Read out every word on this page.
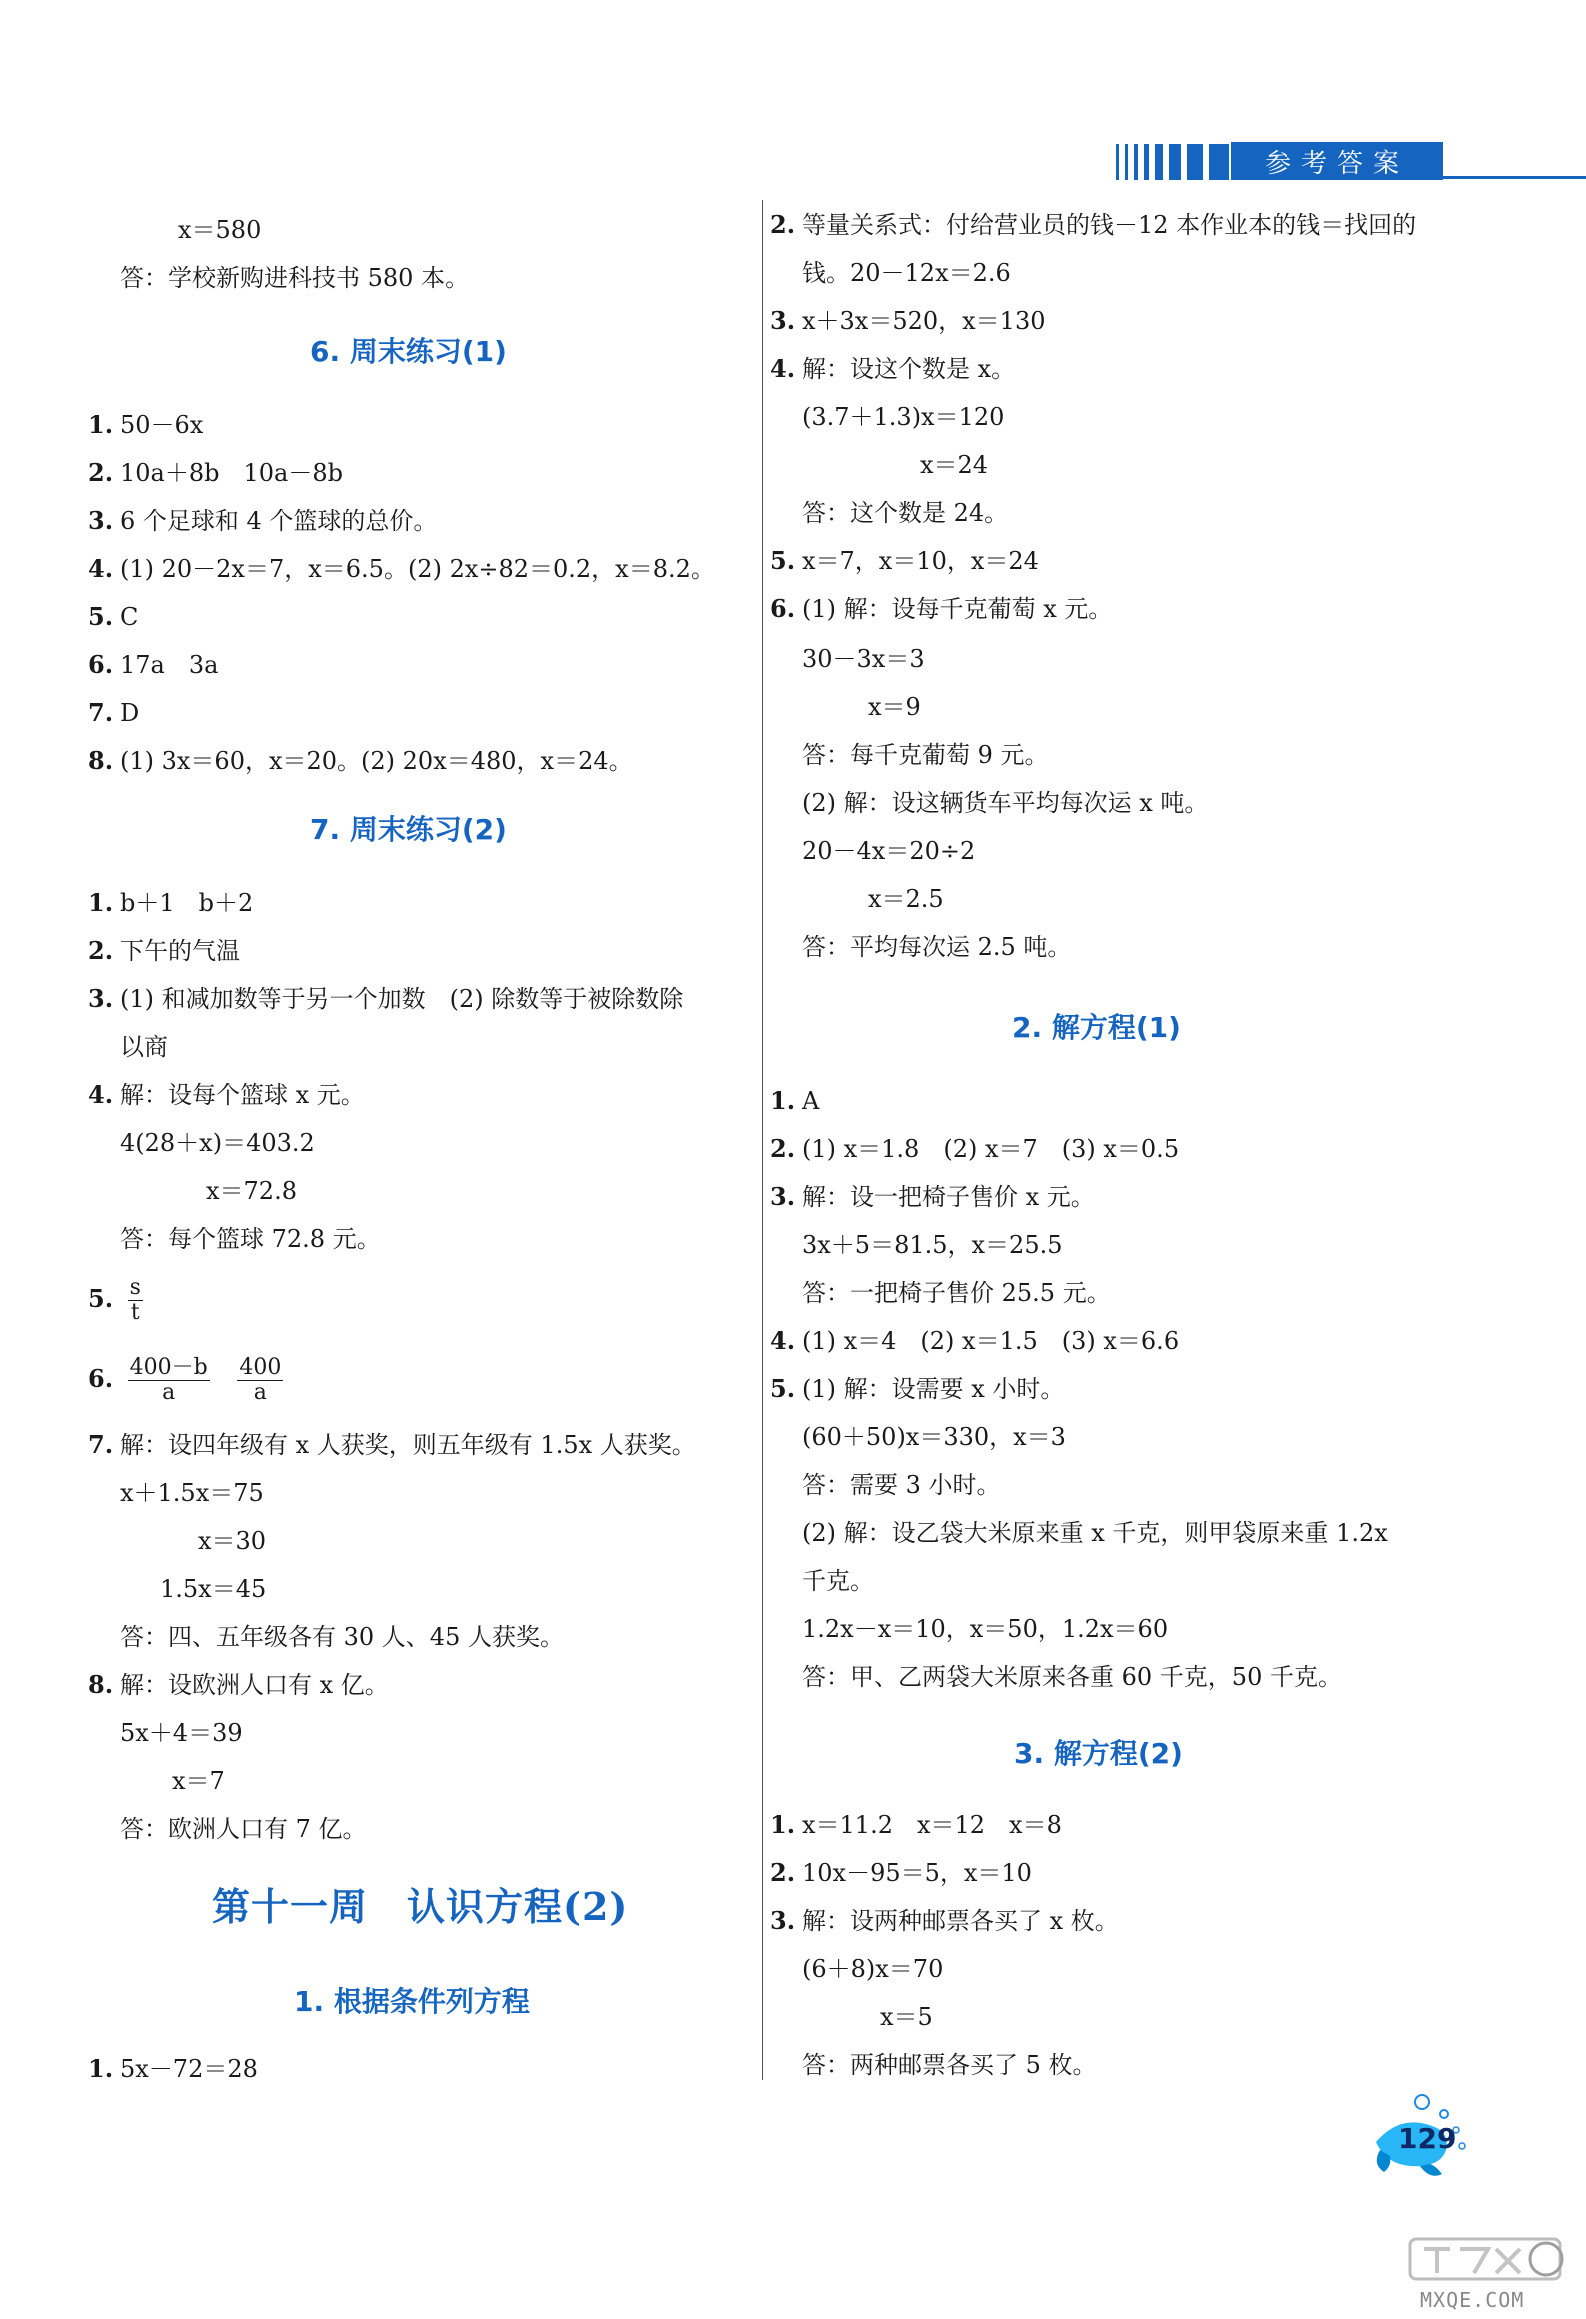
参考答案
x＝580
答：学校新购进科技书 580 本。
6. 周末练习(1)
1. 50－6x
2. 10a＋8b　10a－8b
3. 6 个足球和 4 个篮球的总价。
4. (1) 20－2x＝7，x＝6.5。(2) 2x÷82＝0.2，x＝8.2。
5. C
6. 17a　3a
7. D
8. (1) 3x＝60，x＝20。(2) 20x＝480，x＝24。
7. 周末练习(2)
1. b＋1　b＋2
2. 下午的气温
3. (1) 和减加数等于另一个加数　(2) 除数等于被除数除
以商
4. 解：设每个篮球 x 元。
4(28＋x)＝403.2
x＝72.8
答：每个篮球 72.8 元。
5. $\frac{s}{t}$
6. $\frac{400-b}{a}$
$\frac{400}{a}$
7. 解：设四年级有 x 人获奖，则五年级有 1.5x 人获奖。
x＋1.5x＝75
x＝30
1.5x＝45
答：四、五年级各有 30 人、45 人获奖。
8. 解：设欧洲人口有 x 亿。
5x＋4＝39
x＝7
答：欧洲人口有 7 亿。
第十一周　认识方程(2)
1. 根据条件列方程
1. 5x－72＝28
2. 等量关系式：付给营业员的钱－12 本作业本的钱＝找回的
钱。20－12x＝2.6
3. x＋3x＝520，x＝130
4. 解：设这个数是 x。
(3.7＋1.3)x＝120
x＝24
答：这个数是 24。
5. x＝7，x＝10，x＝24
6. (1) 解：设每千克葡萄 x 元。
30－3x＝3
x＝9
答：每千克葡萄 9 元。
(2) 解：设这辆货车平均每次运 x 吨。
20－4x＝20÷2
x＝2.5
答：平均每次运 2.5 吨。
2. 解方程(1)
1. A
2. (1) x＝1.8　(2) x＝7　(3) x＝0.5
3. 解：设一把椅子售价 x 元。
3x＋5＝81.5，x＝25.5
答：一把椅子售价 25.5 元。
4. (1) x＝4　(2) x＝1.5　(3) x＝6.6
5. (1) 解：设需要 x 小时。
(60＋50)x＝330，x＝3
答：需要 3 小时。
(2) 解：设乙袋大米原来重 x 千克，则甲袋原来重 1.2x
千克。
1.2x－x＝10，x＝50，1.2x＝60
答：甲、乙两袋大米原来各重 60 千克，50 千克。
3. 解方程(2)
1. x＝11.2　x＝12　x＝8
2. 10x－95＝5，x＝10
3. 解：设两种邮票各买了 x 枚。
(6＋8)x＝70
x＝5
答：两种邮票各买了 5 枚。
129
MXQE.COM
